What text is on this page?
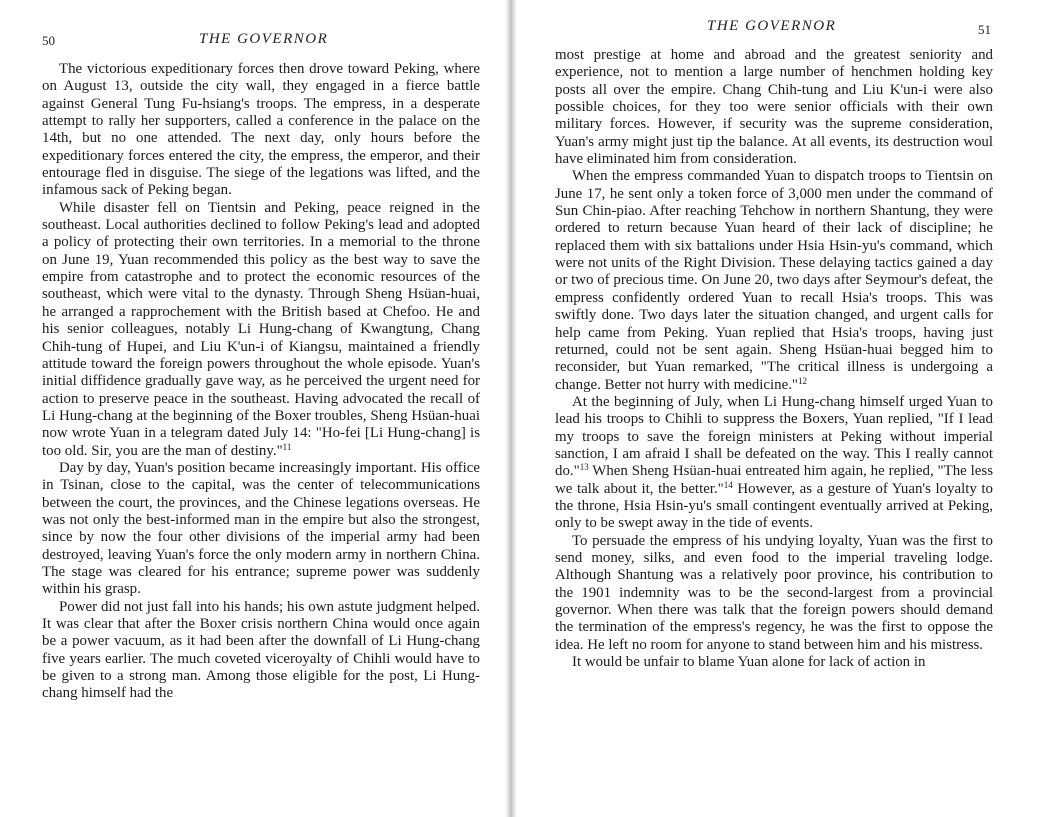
50	THE GOVERNOR

The victorious expeditionary forces then drove toward Peking, where on August 13, outside the city wall, they engaged in a fierce battle against General Tung Fu-hsiang's troops. The empress, in a desperate attempt to rally her supporters, called a conference in the palace on the 14th, but no one attended. The next day, only hours before the expeditionary forces entered the city, the empress, the emperor, and their entourage fled in disguise. The siege of the legations was lifted, and the infamous sack of Peking began.

While disaster fell on Tientsin and Peking, peace reigned in the southeast. Local authorities declined to follow Peking's lead and adopted a policy of protecting their own territories. In a memorial to the throne on June 19, Yuan recommended this policy as the best way to save the empire from catastrophe and to protect the economic resources of the southeast, which were vital to the dynasty. Through Sheng Hsüan-huai, he arranged a rapprochement with the British based at Chefoo. He and his senior colleagues, notably Li Hung-chang of Kwangtung, Chang Chih-tung of Hupei, and Liu K'un-i of Kiangsu, maintained a friendly attitude toward the foreign powers throughout the whole episode. Yuan's initial diffidence gradually gave way, as he perceived the urgent need for action to preserve peace in the southeast. Having advocated the recall of Li Hung-chang at the beginning of the Boxer troubles, Sheng Hsüan-huai now wrote Yuan in a telegram dated July 14: "Ho-fei [Li Hung-chang] is too old. Sir, you are the man of destiny."$^{11}$

Day by day, Yuan's position became increasingly important. His office in Tsinan, close to the capital, was the center of telecommunications between the court, the provinces, and the Chinese legations overseas. He was not only the best-informed man in the empire but also the strongest, since by now the four other divisions of the imperial army had been destroyed, leaving Yuan's force the only modern army in northern China. The stage was cleared for his entrance; supreme power was suddenly within his grasp.

Power did not just fall into his hands; his own astute judgment helped. It was clear that after the Boxer crisis northern China would once again be a power vacuum, as it had been after the downfall of Li Hung-chang five years earlier. The much coveted viceroyalty of Chihli would have to be given to a strong man. Among those eligible for the post, Li Hung-chang himself had the

THE GOVERNOR	51

most prestige at home and abroad and the greatest seniority and experience, not to mention a large number of henchmen holding key posts all over the empire. Chang Chih-tung and Liu K'un-i were also possible choices, for they too were senior officials with their own military forces. However, if security was the supreme consideration, Yuan's army might just tip the balance. At all events, its destruction woul have eliminated him from consideration.

When the empress commanded Yuan to dispatch troops to Tientsin on June 17, he sent only a token force of 3,000 men under the command of Sun Chin-piao. After reaching Tehchow in northern Shantung, they were ordered to return because Yuan heard of their lack of discipline; he replaced them with six battalions under Hsia Hsin-yu's command, which were not units of the Right Division. These delaying tactics gained a day or two of precious time. On June 20, two days after Seymour's defeat, the empress confidently ordered Yuan to recall Hsia's troops. This was swiftly done. Two days later the situation changed, and urgent calls for help came from Peking. Yuan replied that Hsia's troops, having just returned, could not be sent again. Sheng Hsüan-huai begged him to reconsider, but Yuan remarked, "The critical illness is undergoing a change. Better not hurry with medicine."$^{12}$

At the beginning of July, when Li Hung-chang himself urged Yuan to lead his troops to Chihli to suppress the Boxers, Yuan replied, "If I lead my troops to save the foreign ministers at Peking without imperial sanction, I am afraid I shall be defeated on the way. This I really cannot do."$^{13}$ When Sheng Hsüan-huai entreated him again, he replied, "The less we talk about it, the better."$^{14}$ However, as a gesture of Yuan's loyalty to the throne, Hsia Hsin-yu's small contingent eventually arrived at Peking, only to be swept away in the tide of events.

To persuade the empress of his undying loyalty, Yuan was the first to send money, silks, and even food to the imperial traveling lodge. Although Shantung was a relatively poor province, his contribution to the 1901 indemnity was to be the second-largest from a provincial governor. When there was talk that the foreign powers should demand the termination of the empress's regency, he was the first to oppose the idea. He left no room for anyone to stand between him and his mistress.

It would be unfair to blame Yuan alone for lack of action in
